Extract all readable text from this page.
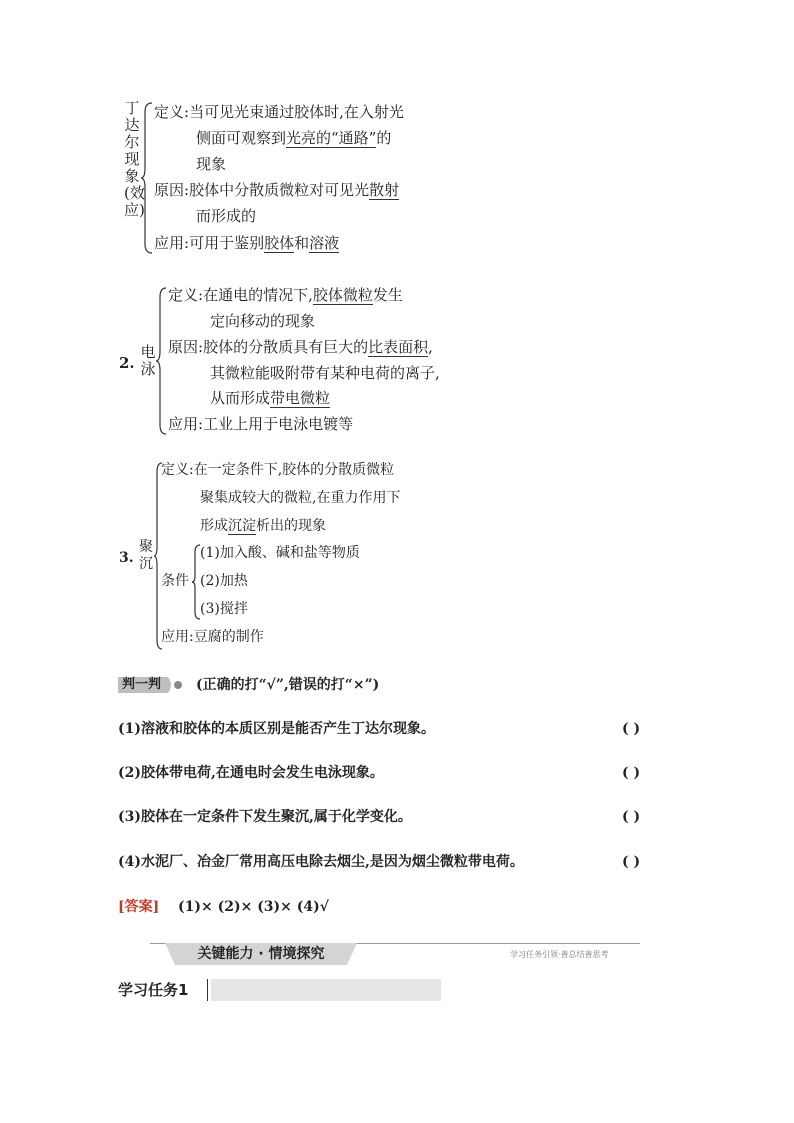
丁达尔现象(效应)
定义:当可见光束通过胶体时,在入射光
侧面可观察到光亮的“通路”的
现象
原因:胶体中分散质微粒对可见光散射
而形成的
应用:可用于鉴别胶体和溶液
2.
电泳
定义:在通电的情况下,胶体微粒发生
定向移动的现象
原因:胶体的分散质具有巨大的比表面积,
其微粒能吸附带有某种电荷的离子,
从而形成带电微粒
应用:工业上用于电泳电镀等
3.
聚沉
定义:在一定条件下,胶体的分散质微粒
聚集成较大的微粒,在重力作用下
形成沉淀析出的现象
条件
(1)加入酸、碱和盐等物质
(2)加热
(3)搅拌
应用:豆腐的制作
判一判 (正确的打“√”,错误的打“×”)
(1)溶液和胶体的本质区别是能否产生丁达尔现象。	( )
(2)胶体带电荷,在通电时会发生电泳现象。	( )
(3)胶体在一定条件下发生聚沉,属于化学变化。	( )
(4)水泥厂、冶金厂常用高压电除去烟尘,是因为烟尘微粒带电荷。	( )
[答案] (1)× (2)× (3)× (4)√
关键能力 · 情境探究	学习任务引领·善总结善思考
学习任务1
